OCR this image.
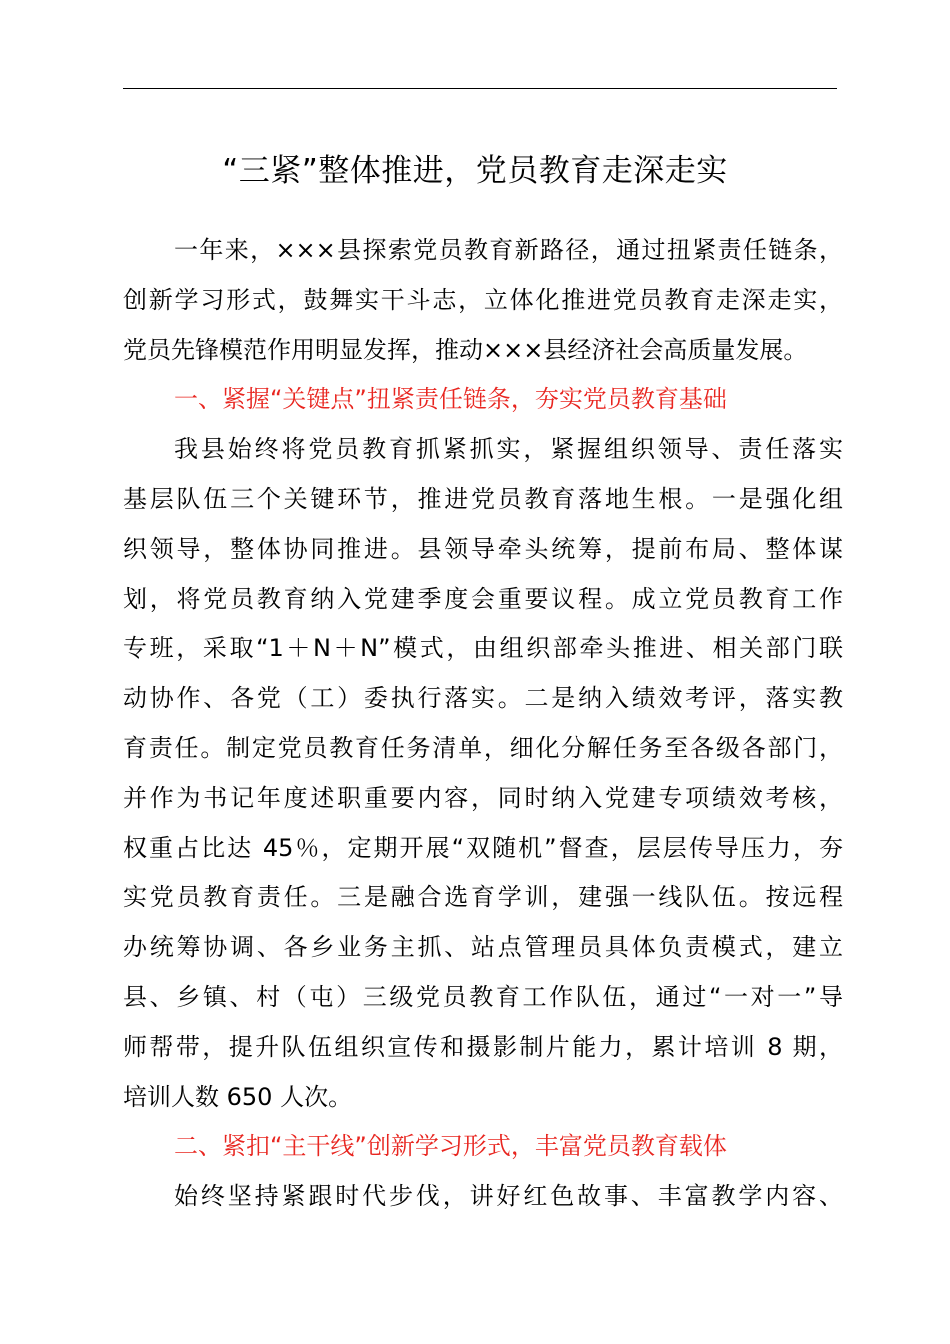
“三紧”整体推进，党员教育走深走实
一年来，×××县探索党员教育新路径，通过扭紧责任链条，
创新学习形式，鼓舞实干斗志，立体化推进党员教育走深走实，
党员先锋模范作用明显发挥，推动×××县经济社会高质量发展。
一、紧握“关键点”扭紧责任链条，夯实党员教育基础
我县始终将党员教育抓紧抓实，紧握组织领导、责任落实
基层队伍三个关键环节，推进党员教育落地生根。一是强化组
织领导，整体协同推进。县领导牵头统筹，提前布局、整体谋
划，将党员教育纳入党建季度会重要议程。成立党员教育工作
专班，采取“1＋N＋N”模式，由组织部牵头推进、相关部门联
动协作、各党（工）委执行落实。二是纳入绩效考评，落实教
育责任。制定党员教育任务清单，细化分解任务至各级各部门，
并作为书记年度述职重要内容，同时纳入党建专项绩效考核，
权重占比达 45％，定期开展“双随机”督查，层层传导压力，夯
实党员教育责任。三是融合选育学训，建强一线队伍。按远程
办统筹协调、各乡业务主抓、站点管理员具体负责模式，建立
县、乡镇、村（屯）三级党员教育工作队伍，通过“一对一”导
师帮带，提升队伍组织宣传和摄影制片能力，累计培训 8 期，
培训人数 650 人次。
二、紧扣“主干线”创新学习形式，丰富党员教育载体
始终坚持紧跟时代步伐，讲好红色故事、丰富教学内容、
